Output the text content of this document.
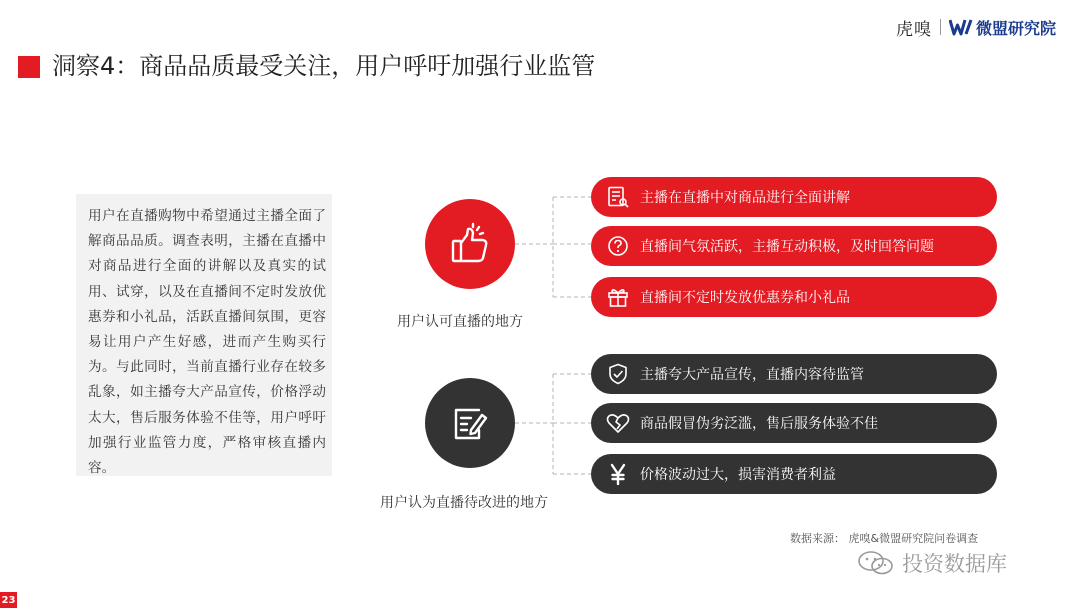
虎嗅	微盟研究院
洞察4：商品品质最受关注，用户呼吁加强行业监管
用户在直播购物中希望通过主播全面了解商品品质。调查表明，主播在直播中对商品进行全面的讲解以及真实的试用、试穿，以及在直播间不定时发放优惠券和小礼品，活跃直播间氛围，更容易让用户产生好感，进而产生购买行为。与此同时，当前直播行业存在较多乱象，如主播夸大产品宣传，价格浮动太大，售后服务体验不佳等，用户呼吁加强行业监管力度，严格审核直播内容。
用户认可直播的地方
主播在直播中对商品进行全面讲解
直播间气氛活跃，主播互动积极，及时回答问题
直播间不定时发放优惠券和小礼品
用户认为直播待改进的地方
主播夸大产品宣传，直播内容待监管
商品假冒伪劣泛滥，售后服务体验不佳
价格波动过大，损害消费者利益
数据来源： 虎嗅&微盟研究院问卷调查
投资数据库
23
